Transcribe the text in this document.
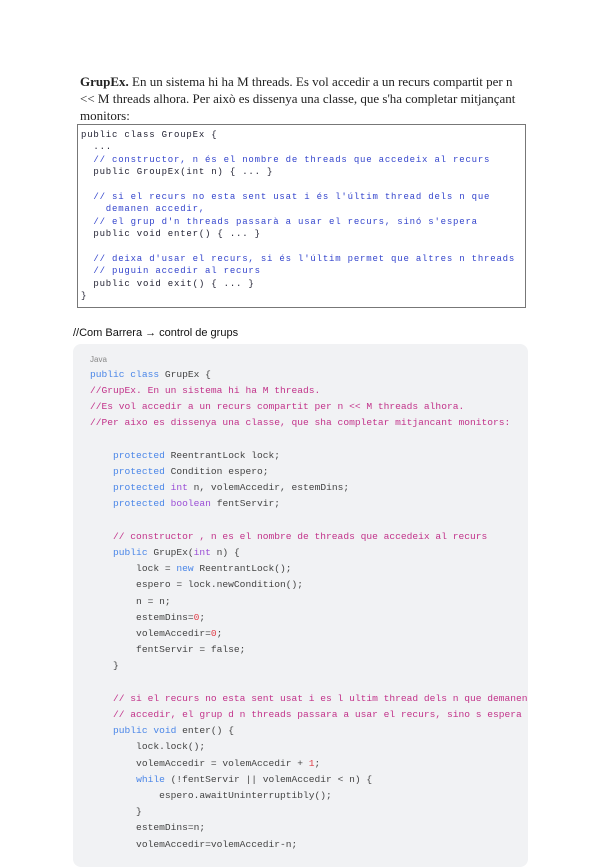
GrupEx. En un sistema hi ha M threads. Es vol accedir a un recurs compartit per n << M threads alhora. Per això es dissenya una classe, que s'ha completar mitjançant monitors:
public class GroupEx {
...
// constructor, n és el nombre de threads que accedeix al recurs
public GroupEx(int n) { ... }
// si el recurs no esta sent usat i és l'últim thread dels n que
demanen accedir,
// el grup d'n threads passarà a usar el recurs, sinó s'espera
public void enter() { ... }
// deixa d'usar el recurs, si és l'últim permet que altres n threads
// puguin accedir al recurs
public void exit() { ... }
}
//Com Barrera → control de grups
Java
public class GrupEx {
//GrupEx. En un sistema hi ha M threads.
//Es vol accedir a un recurs compartit per n << M threads alhora.
//Per aixo es dissenya una classe, que sha completar mitjancant monitors:
protected ReentrantLock lock;
protected Condition espero;
protected int n, volemAccedir, estemDins;
protected boolean fentServir;
// constructor , n es el nombre de threads que accedeix al recurs
public GrupEx(int n) {
lock = new ReentrantLock();
espero = lock.newCondition();
n = n;
estemDins=0;
volemAccedir=0;
fentServir = false;
}
// si el recurs no esta sent usat i es l ultim thread dels n que demanen
// accedir, el grup d n threads passara a usar el recurs, sino s espera
public void enter() {
lock.lock();
volemAccedir = volemAccedir + 1;
while (!fentServir || volemAccedir < n) {
espero.awaitUninterruptibly();
}
estemDins=n;
volemAccedir=volemAccedir-n;
